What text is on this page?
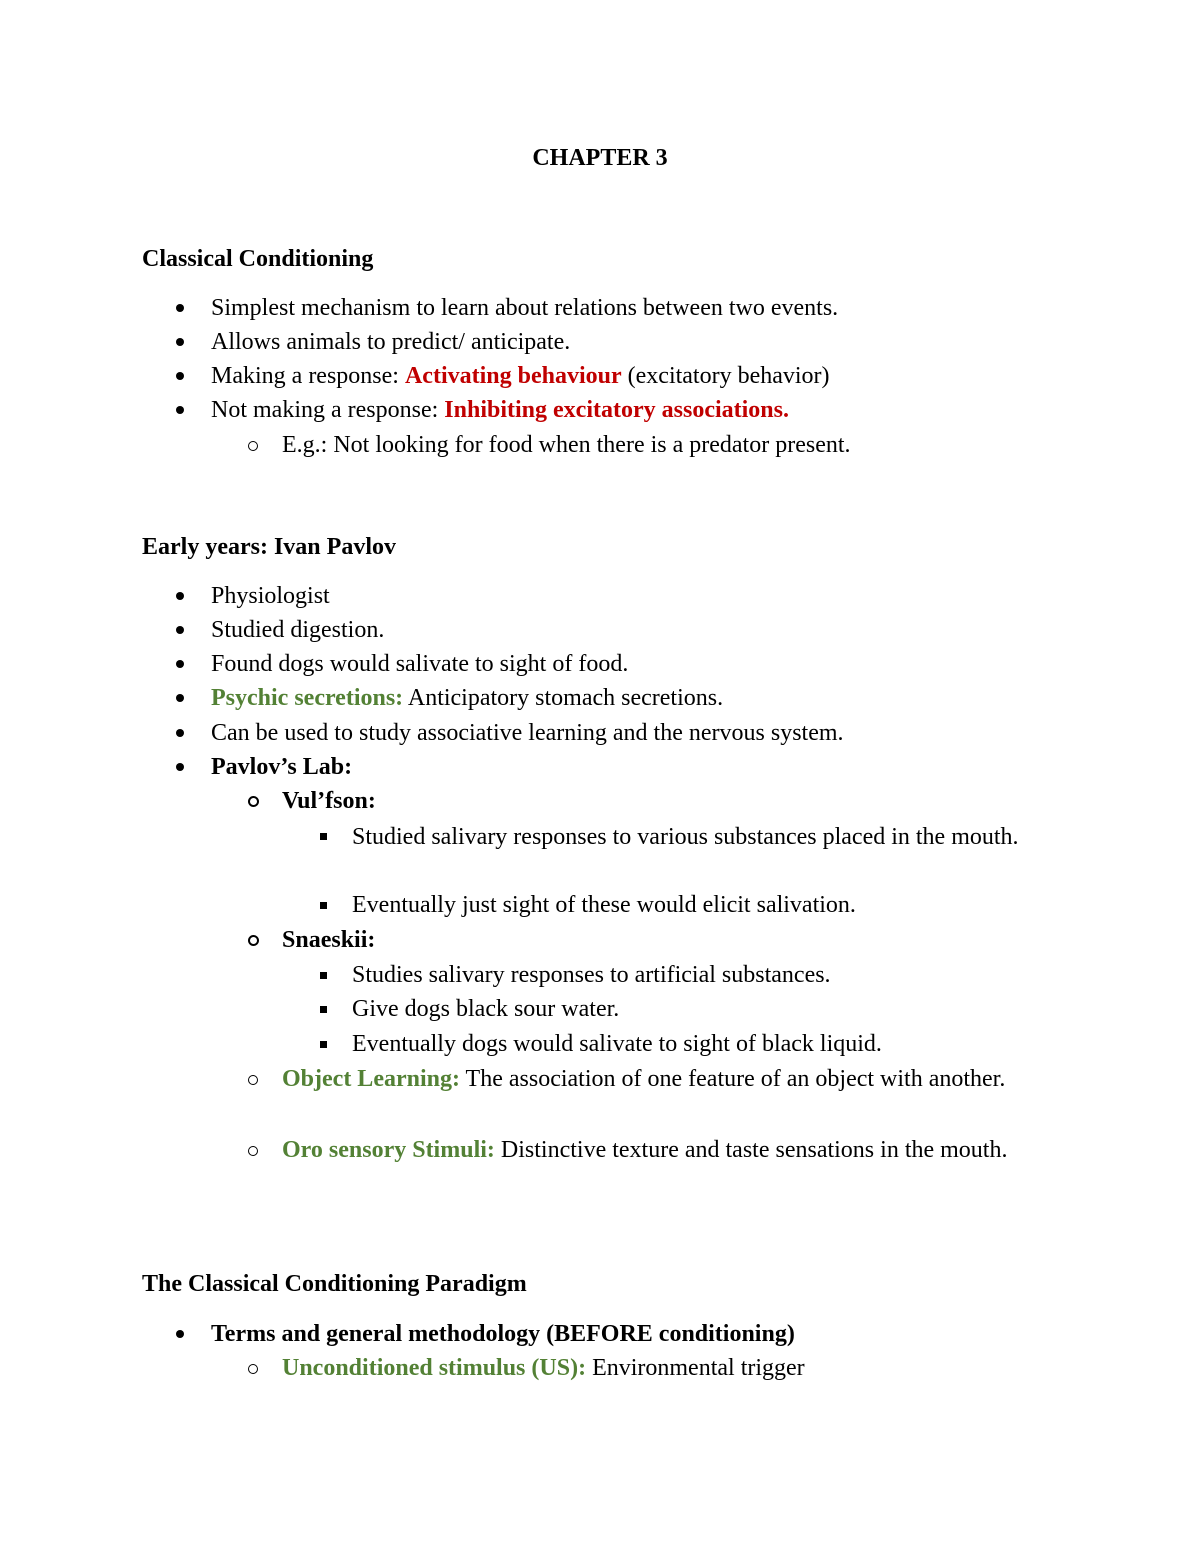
CHAPTER 3
Classical Conditioning
Simplest mechanism to learn about relations between two events.
Allows animals to predict/ anticipate.
Making a response: Activating behaviour (excitatory behavior)
Not making a response: Inhibiting excitatory associations.
E.g.: Not looking for food when there is a predator present.
Early years: Ivan Pavlov
Physiologist
Studied digestion.
Found dogs would salivate to sight of food.
Psychic secretions: Anticipatory stomach secretions.
Can be used to study associative learning and the nervous system.
Pavlov’s Lab:
Vul’fson:
Studied salivary responses to various substances placed in the mouth.
Eventually just sight of these would elicit salivation.
Snaeskii:
Studies salivary responses to artificial substances.
Give dogs black sour water.
Eventually dogs would salivate to sight of black liquid.
Object Learning: The association of one feature of an object with another.
Oro sensory Stimuli: Distinctive texture and taste sensations in the mouth.
The Classical Conditioning Paradigm
Terms and general methodology (BEFORE conditioning)
Unconditioned stimulus (US): Environmental trigger
